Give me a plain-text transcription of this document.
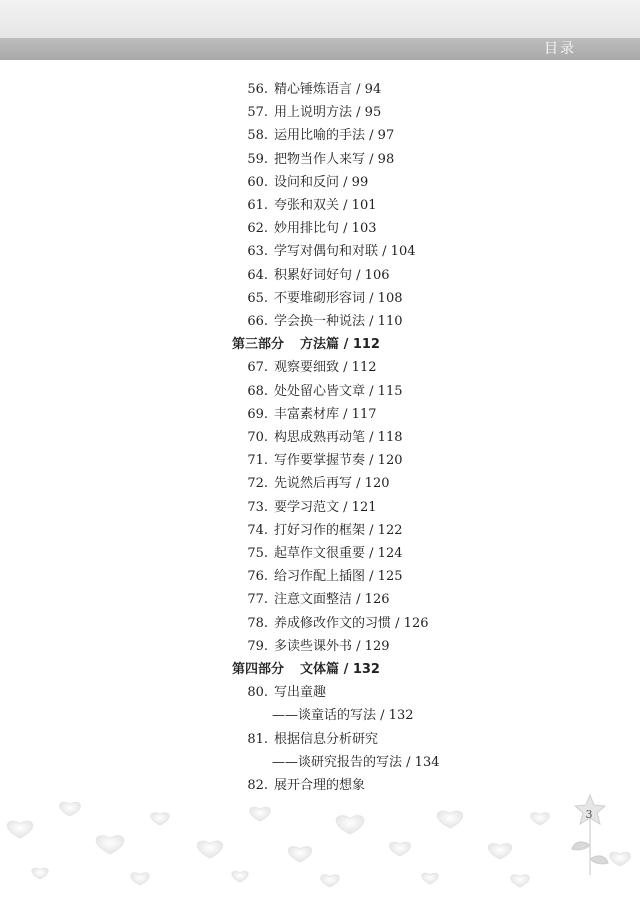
目录
56. 精心锤炼语言 / 94
57. 用上说明方法 / 95
58. 运用比喻的手法 / 97
59. 把物当作人来写 / 98
60. 设问和反问 / 99
61. 夸张和双关 / 101
62. 妙用排比句 / 103
63. 学写对偶句和对联 / 104
64. 积累好词好句 / 106
65. 不要堆砌形容词 / 108
66. 学会换一种说法 / 110
第三部分 方法篇 / 112
67. 观察要细致 / 112
68. 处处留心皆文章 / 115
69. 丰富素材库 / 117
70. 构思成熟再动笔 / 118
71. 写作要掌握节奏 / 120
72. 先说然后再写 / 120
73. 要学习范文 / 121
74. 打好习作的框架 / 122
75. 起草作文很重要 / 124
76. 给习作配上插图 / 125
77. 注意文面整洁 / 126
78. 养成修改作文的习惯 / 126
79. 多读些课外书 / 129
第四部分 文体篇 / 132
80. 写出童趣
——谈童话的写法 / 132
81. 根据信息分析研究
——谈研究报告的写法 / 134
82. 展开合理的想象
3
